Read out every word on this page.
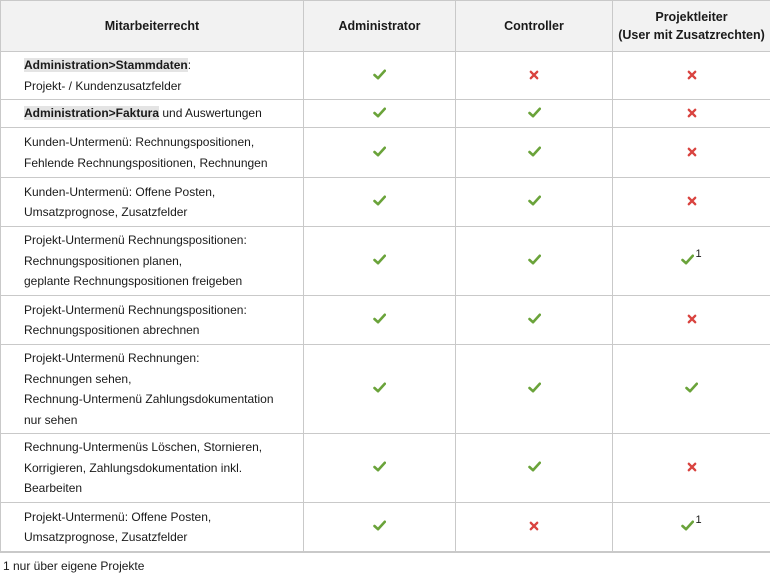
Mitarbeiterrecht	Administrator	Controller	Projektleiter
(User mit Zusatzrechten)

Administration>Stammdaten:
Projekt- / Kundenzusatzfelder

Administration>Faktura und Auswertungen

Kunden-Untermenü: Rechnungspositionen,
Fehlende Rechnungspositionen, Rechnungen

Kunden-Untermenü: Offene Posten,
Umsatzprognose, Zusatzfelder

Projekt-Untermenü Rechnungspositionen:
Rechnungspositionen planen,
geplante Rechnungspositionen freigeben			1

Projekt-Untermenü Rechnungspositionen:
Rechnungspositionen abrechnen

Projekt-Untermenü Rechnungen:
Rechnungen sehen,
Rechnung-Untermenü Zahlungsdokumentation
nur sehen

Rechnung-Untermenüs Löschen, Stornieren,
Korrigieren, Zahlungsdokumentation inkl.
Bearbeiten

Projekt-Untermenü: Offene Posten,
Umsatzprognose, Zusatzfelder			1
1 nur über eigene Projekte
